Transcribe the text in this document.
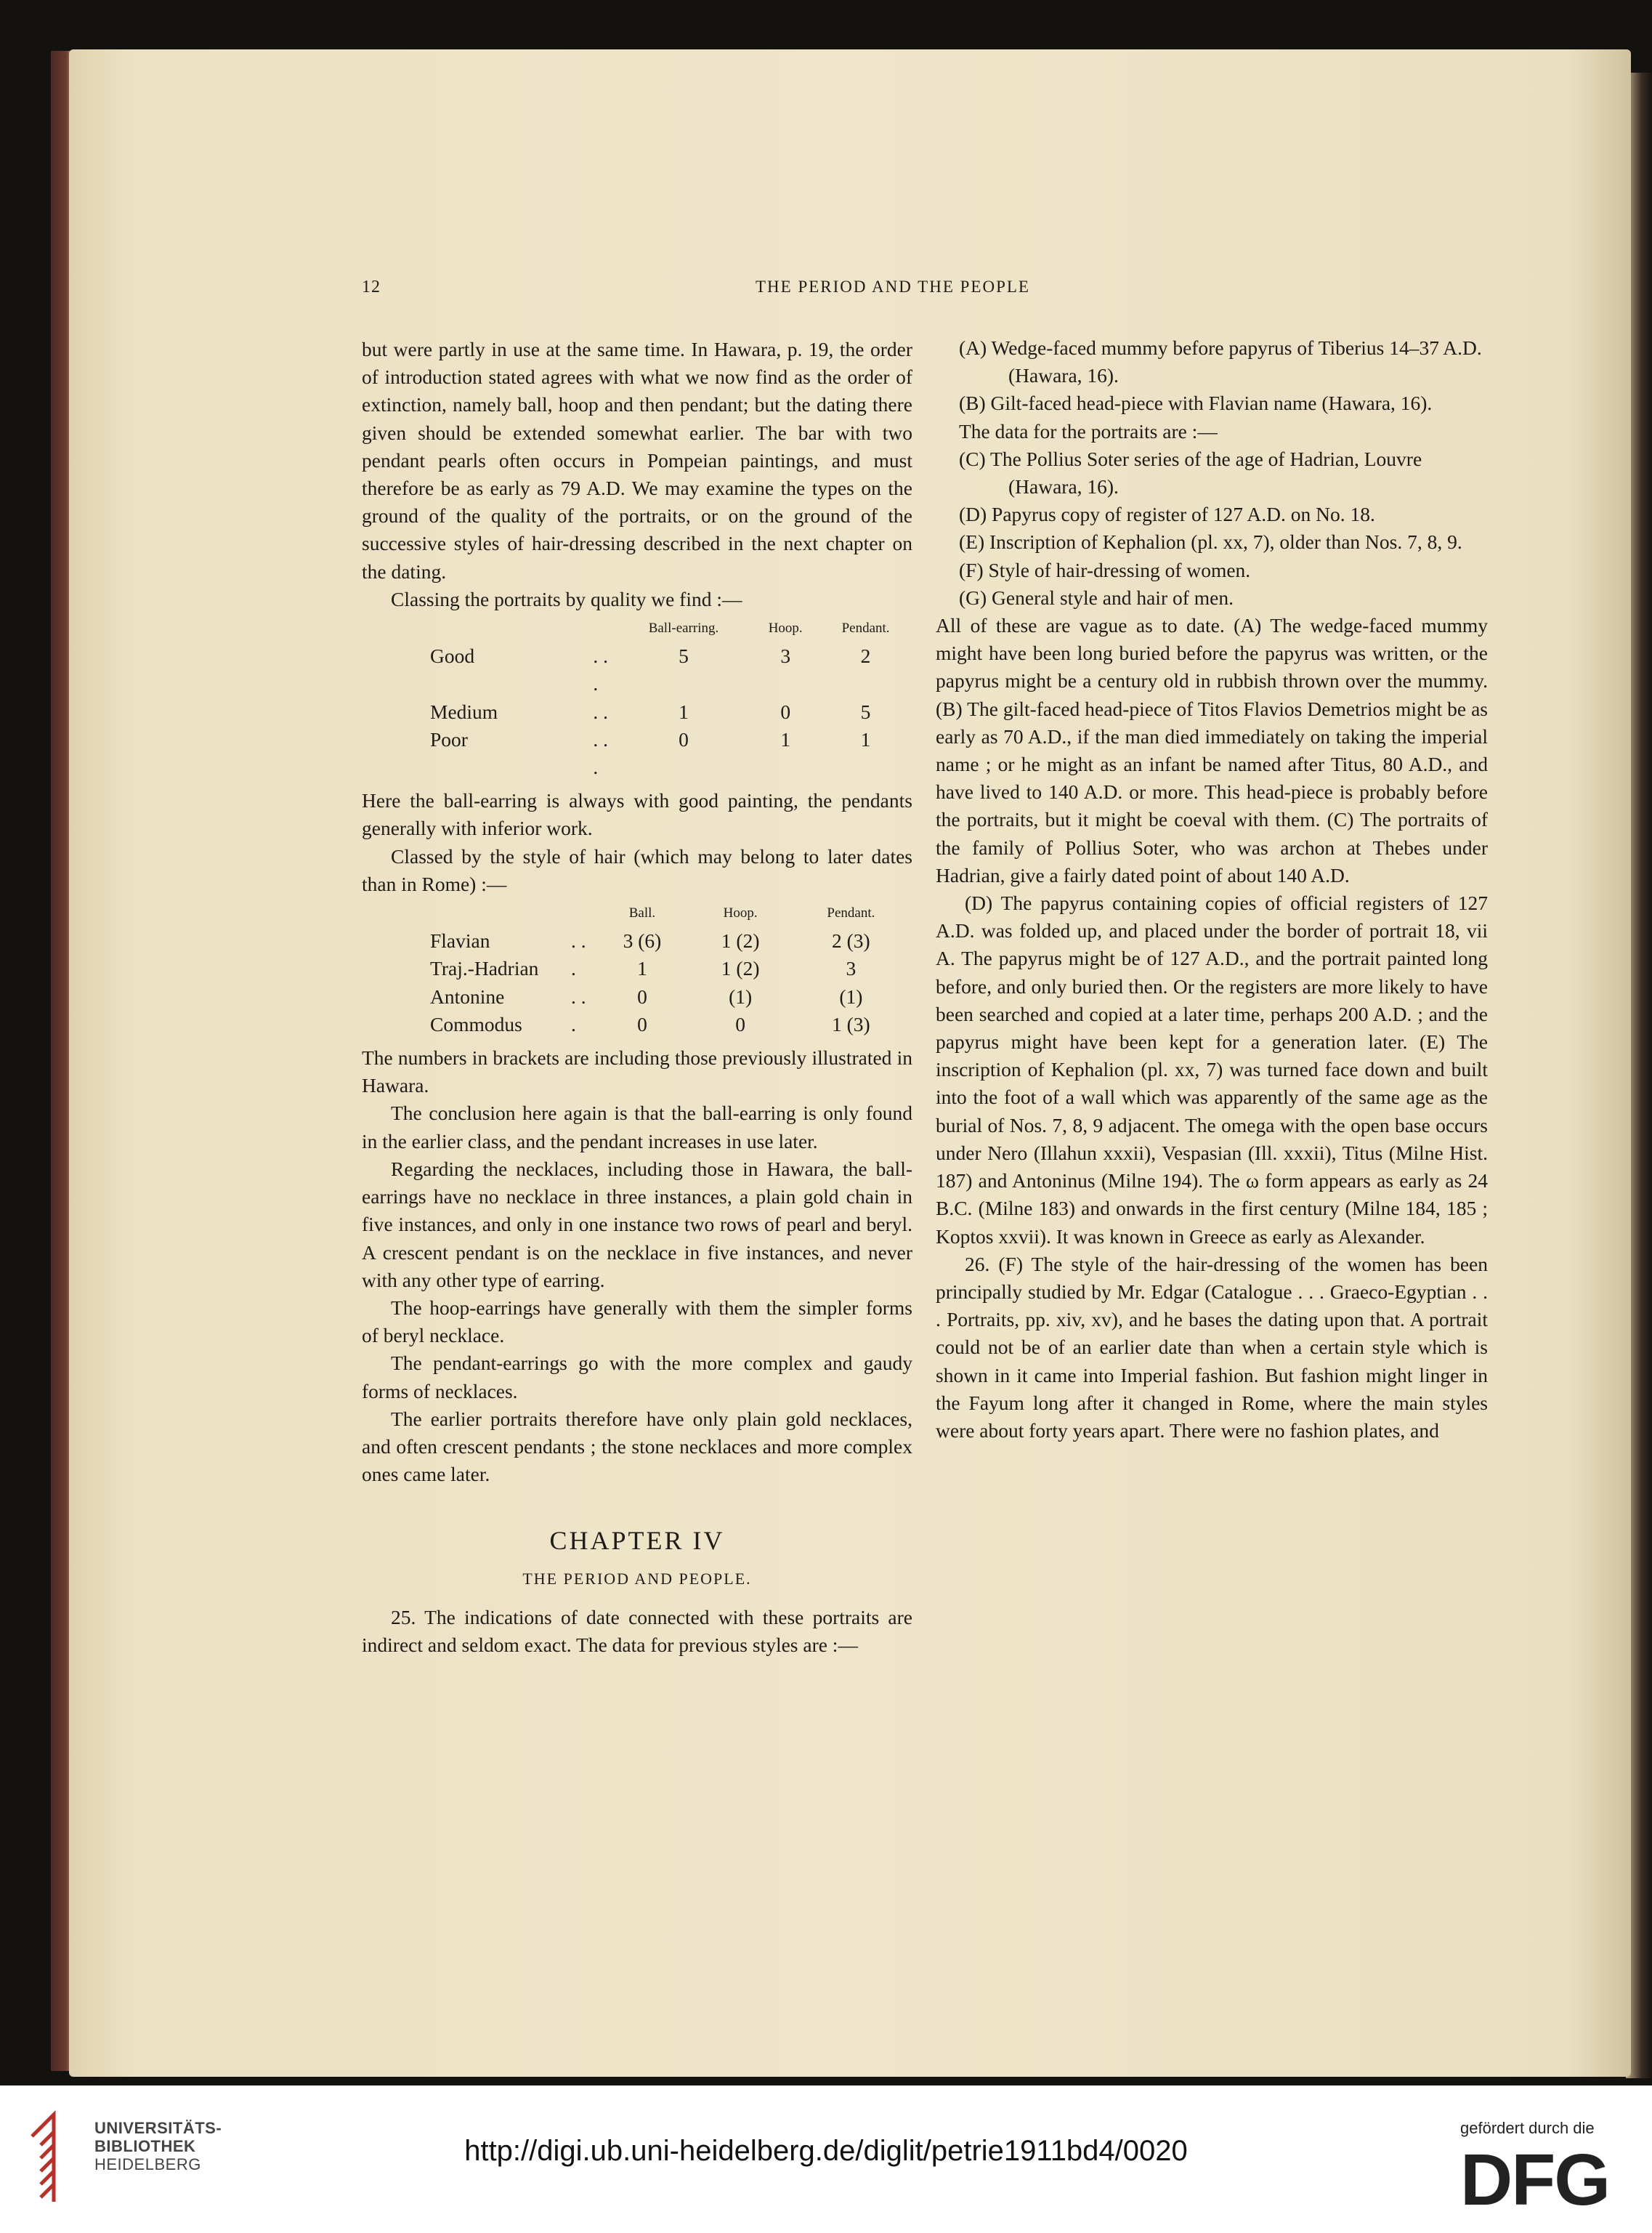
12	THE PERIOD AND THE PEOPLE

but were partly in use at the same time. In Hawara, p. 19, the order of introduction stated agrees with what we now find as the order of extinction, namely ball, hoop and then pendant; but the dating there given should be extended somewhat earlier. The bar with two pendant pearls often occurs in Pompeian paintings, and must therefore be as early as 79 A.D. We may examine the types on the ground of the quality of the portraits, or on the ground of the successive styles of hair-dressing described in the next chapter on the dating.

Classing the portraits by quality we find :—

		Ball-earring.	Hoop.	Pendant.
Good	. . .	5	3	2
Medium	. .	1	0	5
Poor	. . .	0	1	1

Here the ball-earring is always with good painting, the pendants generally with inferior work.

Classed by the style of hair (which may belong to later dates than in Rome) :—

		Ball.	Hoop.	Pendant.
Flavian	. .	3 (6)	1 (2)	2 (3)
Traj.-Hadrian	.	1	1 (2)	3
Antonine	. .	0	(1)	(1)
Commodus	.	0	0	1 (3)

The numbers in brackets are including those previously illustrated in Hawara.

The conclusion here again is that the ball-earring is only found in the earlier class, and the pendant increases in use later.

Regarding the necklaces, including those in Hawara, the ball-earrings have no necklace in three instances, a plain gold chain in five instances, and only in one instance two rows of pearl and beryl. A crescent pendant is on the necklace in five instances, and never with any other type of earring.

The hoop-earrings have generally with them the simpler forms of beryl necklace.

The pendant-earrings go with the more complex and gaudy forms of necklaces.

The earlier portraits therefore have only plain gold necklaces, and often crescent pendants ; the stone necklaces and more complex ones came later.

CHAPTER IV
THE PERIOD AND PEOPLE.

25. The indications of date connected with these portraits are indirect and seldom exact. The data for previous styles are :—

(A) Wedge-faced mummy before papyrus of Tiberius 14–37 A.D. (Hawara, 16).

(B) Gilt-faced head-piece with Flavian name (Hawara, 16).

The data for the portraits are :—

(C) The Pollius Soter series of the age of Hadrian, Louvre (Hawara, 16).

(D) Papyrus copy of register of 127 A.D. on No. 18.

(E) Inscription of Kephalion (pl. xx, 7), older than Nos. 7, 8, 9.

(F) Style of hair-dressing of women.

(G) General style and hair of men.

All of these are vague as to date. (A) The wedge-faced mummy might have been long buried before the papyrus was written, or the papyrus might be a century old in rubbish thrown over the mummy. (B) The gilt-faced head-piece of Titos Flavios Demetrios might be as early as 70 A.D., if the man died immediately on taking the imperial name ; or he might as an infant be named after Titus, 80 A.D., and have lived to 140 A.D. or more. This head-piece is probably before the portraits, but it might be coeval with them. (C) The portraits of the family of Pollius Soter, who was archon at Thebes under Hadrian, give a fairly dated point of about 140 A.D.

(D) The papyrus containing copies of official registers of 127 A.D. was folded up, and placed under the border of portrait 18, vii A. The papyrus might be of 127 A.D., and the portrait painted long before, and only buried then. Or the registers are more likely to have been searched and copied at a later time, perhaps 200 A.D. ; and the papyrus might have been kept for a generation later. (E) The inscription of Kephalion (pl. xx, 7) was turned face down and built into the foot of a wall which was apparently of the same age as the burial of Nos. 7, 8, 9 adjacent. The omega with the open base occurs under Nero (Illahun xxxii), Vespasian (Ill. xxxii), Titus (Milne Hist. 187) and Antoninus (Milne 194). The ω form appears as early as 24 B.C. (Milne 183) and onwards in the first century (Milne 184, 185 ; Koptos xxvii). It was known in Greece as early as Alexander.

26. (F) The style of the hair-dressing of the women has been principally studied by Mr. Edgar (Catalogue . . . Graeco-Egyptian . . . Portraits, pp. xiv, xv), and he bases the dating upon that. A portrait could not be of an earlier date than when a certain style which is shown in it came into Imperial fashion. But fashion might linger in the Fayum long after it changed in Rome, where the main styles were about forty years apart. There were no fashion plates, and

UNIVERSITÄTS-
BIBLIOTHEK
HEIDELBERG	http://digi.ub.uni-heidelberg.de/diglit/petrie1911bd4/0020
gefördert durch die
DFG
